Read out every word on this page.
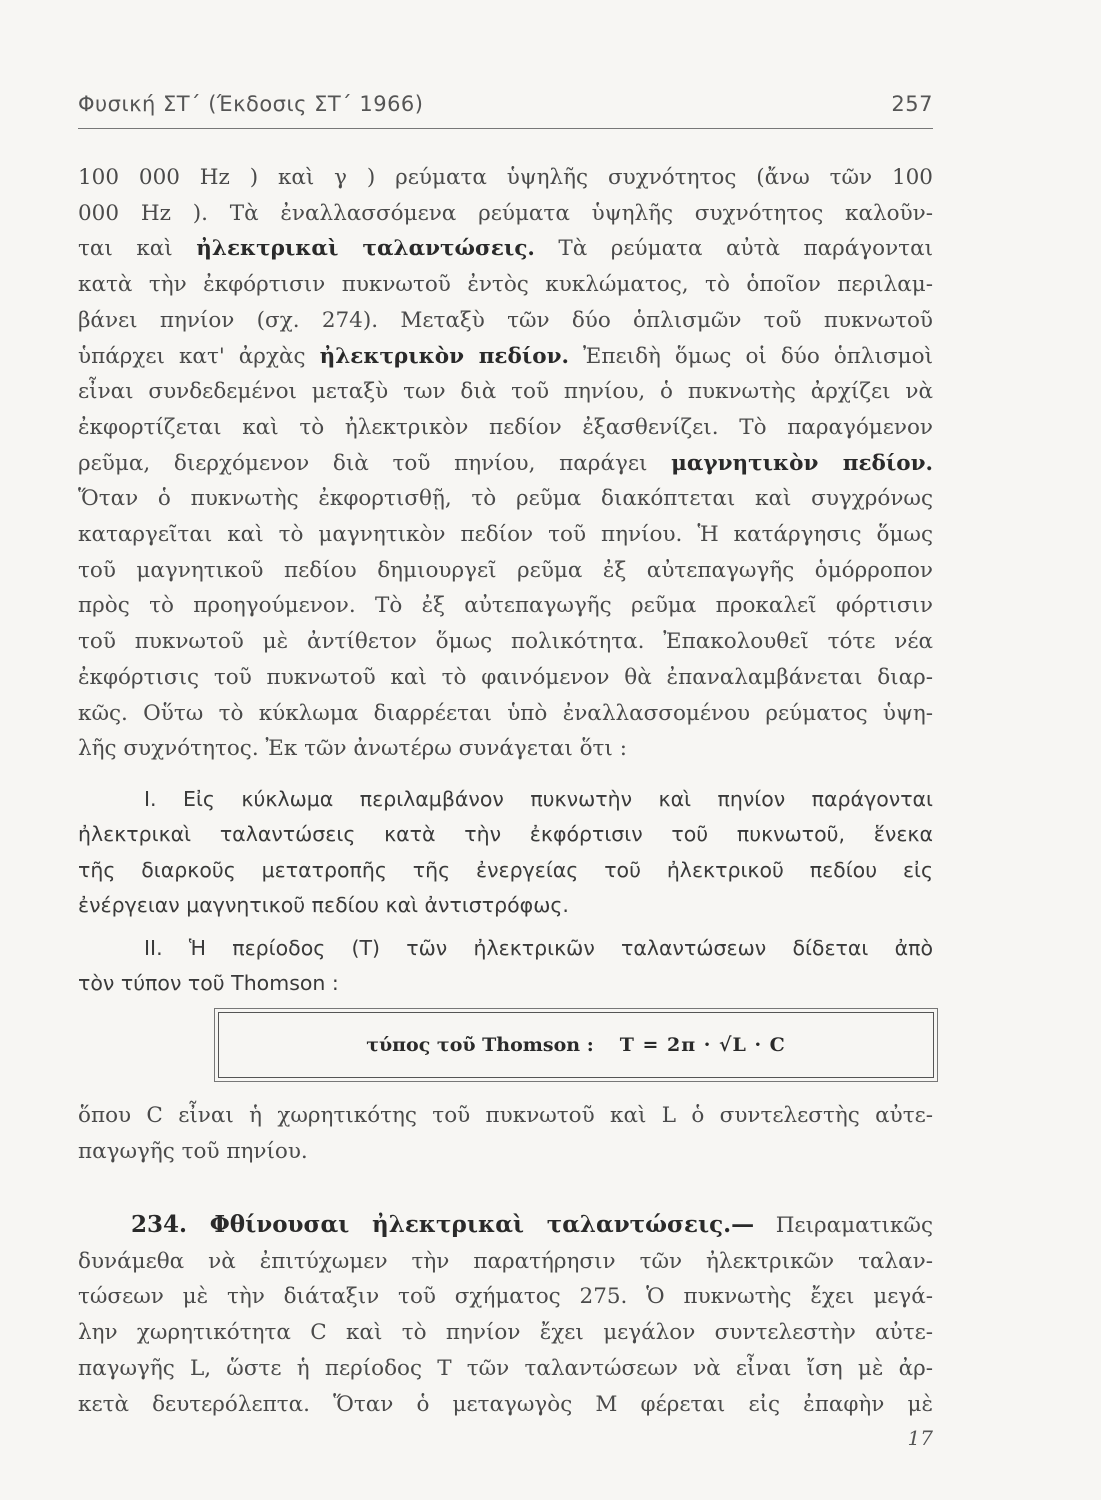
Φυσική ΣΤ΄ (Έκδοσις ΣΤ΄ 1966)	257
100 000 Hz ) καὶ γ ) ρεύματα ὑψηλῆς συχνότητος (ἄνω τῶν 100
000 Hz ). Τὰ ἐναλλασσόμενα ρεύματα ὑψηλῆς συχνότητος καλοῦν-
ται καὶ ἠλεκτρικαὶ ταλαντώσεις. Τὰ ρεύματα αὐτὰ παράγονται
κατὰ τὴν ἐκφόρτισιν πυκνωτοῦ ἐντὸς κυκλώματος, τὸ ὁποῖον περιλαμ-
βάνει πηνίον (σχ. 274). Μεταξὺ τῶν δύο ὁπλισμῶν τοῦ πυκνωτοῦ
ὑπάρχει κατ' ἀρχὰς ἠλεκτρικὸν πεδίον. Ἐπειδὴ ὅμως οἱ δύο ὁπλισμοὶ
εἶναι συνδεδεμένοι μεταξὺ των διὰ τοῦ πηνίου, ὁ πυκνωτὴς ἀρχίζει νὰ
ἐκφορτίζεται καὶ τὸ ἠλεκτρικὸν πεδίον ἐξασθενίζει. Τὸ παραγόμενον
ρεῦμα, διερχόμενον διὰ τοῦ πηνίου, παράγει μαγνητικὸν πεδίον.
Ὅταν ὁ πυκνωτὴς ἐκφορτισθῇ, τὸ ρεῦμα διακόπτεται καὶ συγχρόνως
καταργεῖται καὶ τὸ μαγνητικὸν πεδίον τοῦ πηνίου. Ἡ κατάργησις ὅμως
τοῦ μαγνητικοῦ πεδίου δημιουργεῖ ρεῦμα ἐξ αὐτεπαγωγῆς ὁμόρροπον
πρὸς τὸ προηγούμενον. Τὸ ἐξ αὐτεπαγωγῆς ρεῦμα προκαλεῖ φόρτισιν
τοῦ πυκνωτοῦ μὲ ἀντίθετον ὅμως πολικότητα. Ἐπακολουθεῖ τότε νέα
ἐκφόρτισις τοῦ πυκνωτοῦ καὶ τὸ φαινόμενον θὰ ἐπαναλαμβάνεται διαρ-
κῶς. Οὕτω τὸ κύκλωμα διαρρέεται ὑπὸ ἐναλλασσομένου ρεύματος ὑψη-
λῆς συχνότητος. Ἐκ τῶν ἀνωτέρω συνάγεται ὅτι :
Ι. Εἰς κύκλωμα περιλαμβάνον πυκνωτὴν καὶ πηνίον παράγονται
ἠλεκτρικαὶ ταλαντώσεις κατὰ τὴν ἐκφόρτισιν τοῦ πυκνωτοῦ, ἕνεκα
τῆς διαρκοῦς μετατροπῆς τῆς ἐνεργείας τοῦ ἠλεκτρικοῦ πεδίου εἰς
ἐνέργειαν μαγνητικοῦ πεδίου καὶ ἀντιστρόφως.
ΙΙ. Ἡ περίοδος (Τ) τῶν ἠλεκτρικῶν ταλαντώσεων δίδεται ἀπὸ
τὸν τύπον τοῦ Thomson :
τύπος τοῦ Thomson : T = 2π · √L · C
ὅπου C εἶναι ἡ χωρητικότης τοῦ πυκνωτοῦ καὶ L ὁ συντελεστὴς αὐτε-
παγωγῆς τοῦ πηνίου.
234. Φθίνουσαι ἠλεκτρικαὶ ταλαντώσεις.— Πειραματικῶς
δυνάμεθα νὰ ἐπιτύχωμεν τὴν παρατήρησιν τῶν ἠλεκτρικῶν ταλαν-
τώσεων μὲ τὴν διάταξιν τοῦ σχήματος 275. Ὁ πυκνωτὴς ἔχει μεγά-
λην χωρητικότητα C καὶ τὸ πηνίον ἔχει μεγάλον συντελεστὴν αὐτε-
παγωγῆς L, ὥστε ἡ περίοδος T τῶν ταλαντώσεων νὰ εἶναι ἴση μὲ ἀρ-
κετὰ δευτερόλεπτα. Ὅταν ὁ μεταγωγὸς Μ φέρεται εἰς ἐπαφὴν μὲ
17
